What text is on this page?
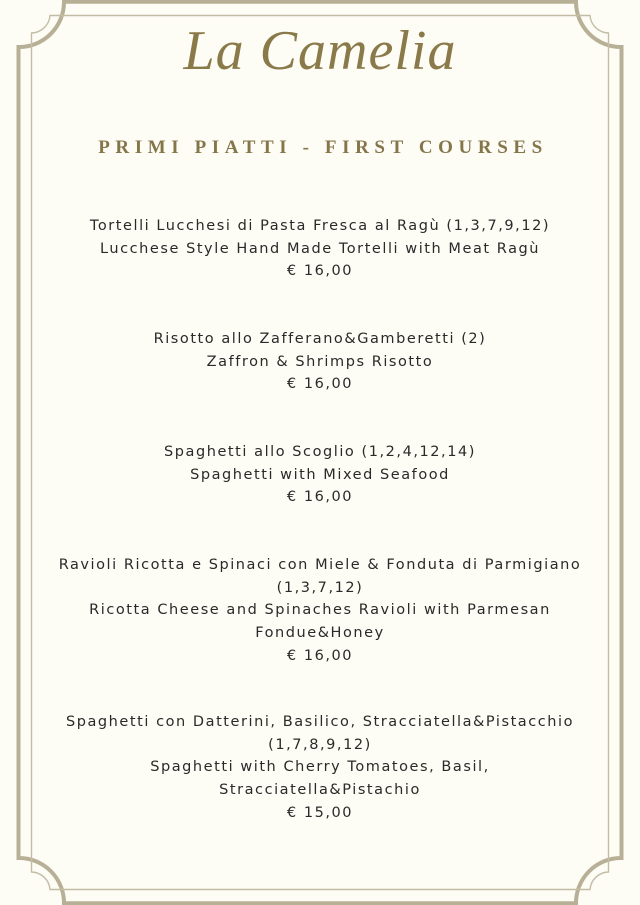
La Camelia
PRIMI PIATTI - FIRST COURSES

Tortelli Lucchesi di Pasta Fresca al Ragù (1,3,7,9,12)

Lucchese Style Hand Made Tortelli with Meat Ragù

€ 16,00

Risotto allo Zafferano&Gamberetti (2)

Zaffron & Shrimps Risotto

€ 16,00

Spaghetti allo Scoglio (1,2,4,12,14)

Spaghetti with Mixed Seafood

€ 16,00

Ravioli Ricotta e Spinaci con Miele & Fonduta di Parmigiano

(1,3,7,12)

Ricotta Cheese and Spinaches Ravioli with Parmesan

Fondue&Honey

€ 16,00

Spaghetti con Datterini, Basilico, Stracciatella&Pistacchio

(1,7,8,9,12)

Spaghetti with Cherry Tomatoes, Basil,

Stracciatella&Pistachio

€ 15,00
